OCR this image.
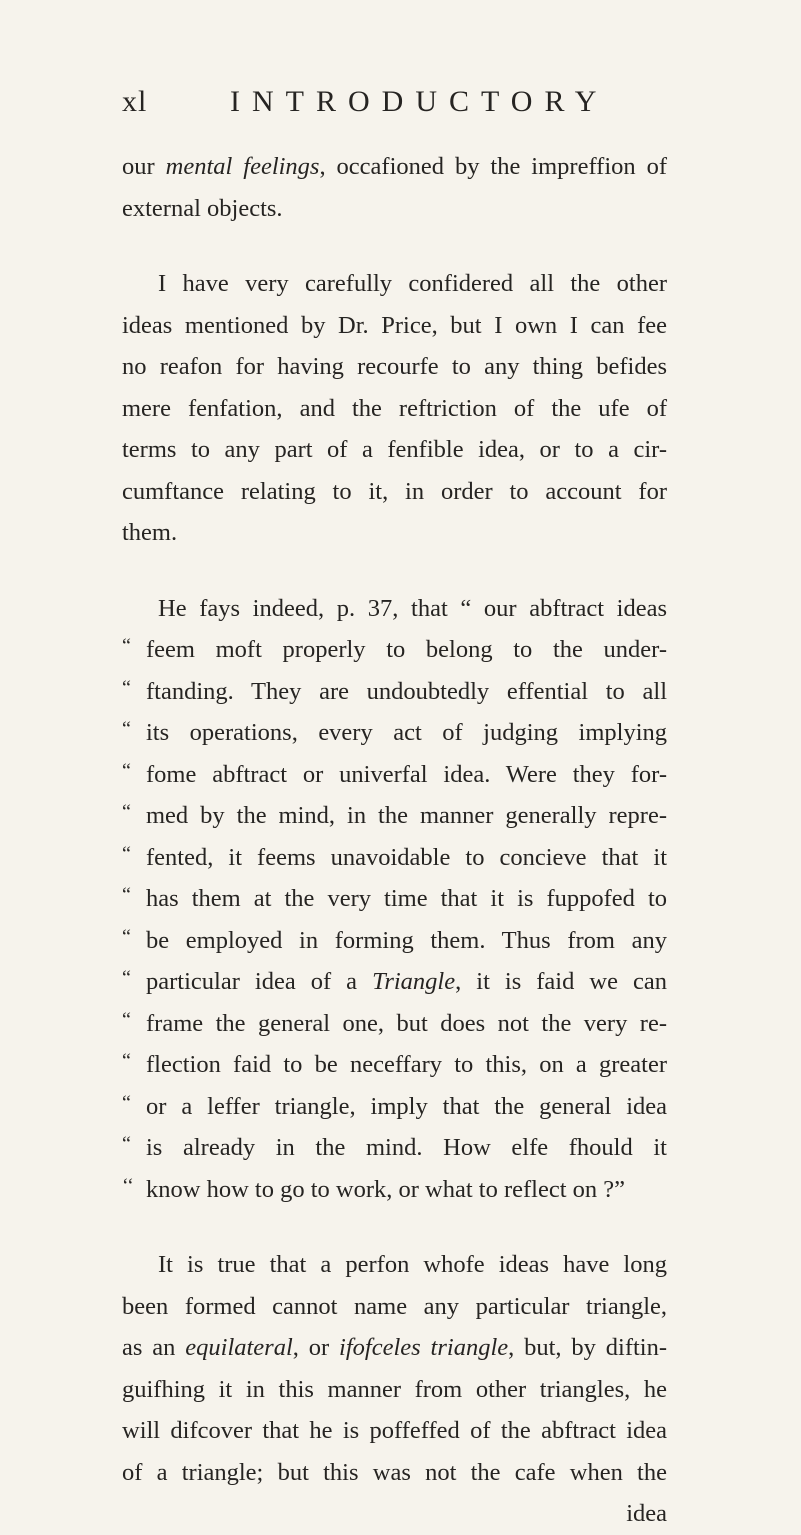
xl	INTRODUCTORY
our mental feelings, occafioned by the impreffion of
external objects.
I have very carefully confidered all the other
ideas mentioned by Dr. Price, but I own I can fee
no reafon for having recourfe to any thing befides
mere fenfation, and the reftriction of the ufe of
terms to any part of a fenfible idea, or to a cir-
cumftance relating to it, in order to account for
them.
He fays indeed, p. 37, that “ our abftract ideas
“ feem moft properly to belong to the under-
“ ftanding. They are undoubtedly effential to all
“ its operations, every act of judging implying
“ fome abftract or univerfal idea. Were they for-
“ med by the mind, in the manner generally repre-
“ fented, it feems unavoidable to concieve that it
“ has them at the very time that it is fuppofed to
“ be employed in forming them. Thus from any
“ particular idea of a Triangle, it is faid we can
“ frame the general one, but does not the very re-
“ flection faid to be neceffary to this, on a greater
“ or a leffer triangle, imply that the general idea
“ is already in the mind. How elfe fhould it
‘‘ know how to go to work, or what to reflect on ?”
It is true that a perfon whofe ideas have long
been formed cannot name any particular triangle,
as an equilateral, or ifofceles triangle, but, by diftin-
guifhing it in this manner from other triangles, he
will difcover that he is poffeffed of the abftract idea
of a triangle; but this was not the cafe when the
idea
